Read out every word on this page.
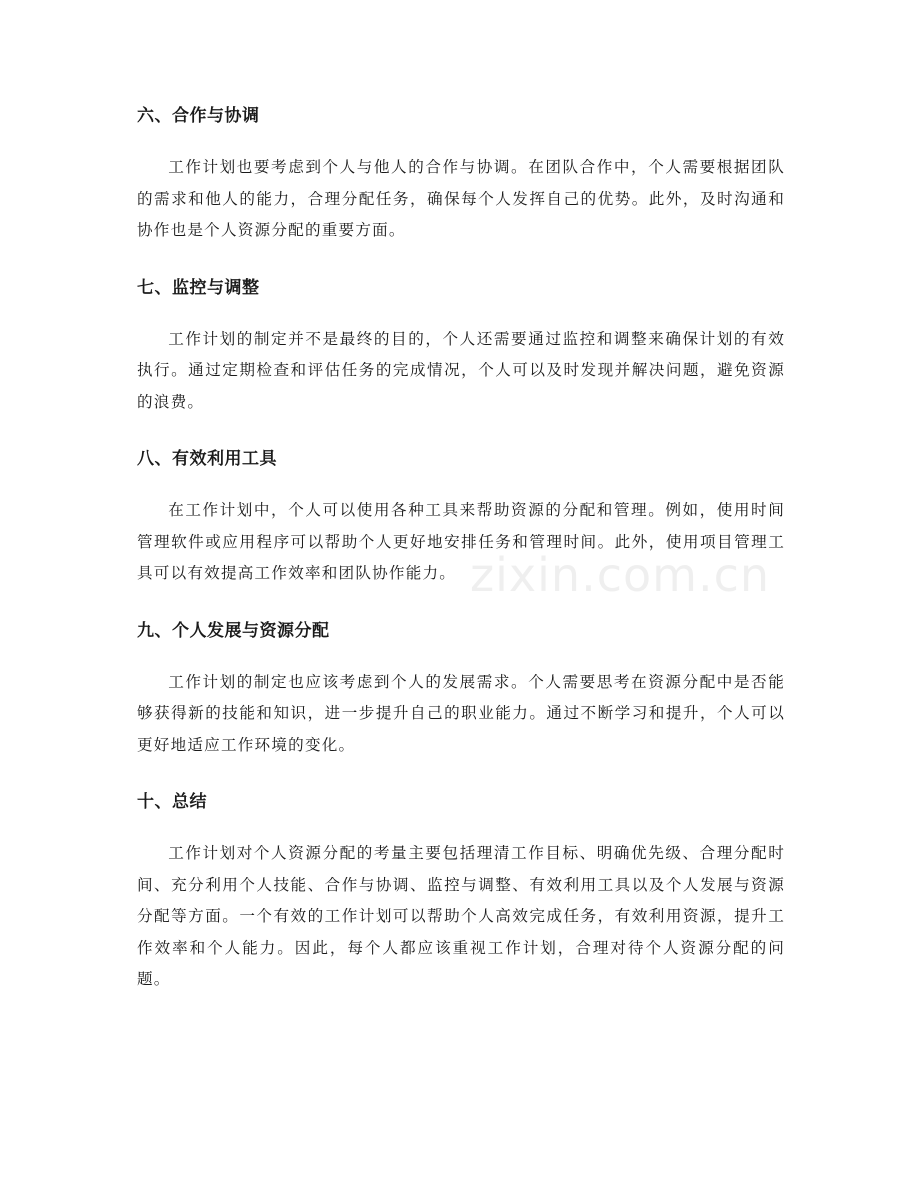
六、合作与协调

工作计划也要考虑到个人与他人的合作与协调。在团队合作中，个人需要根据团队的需求和他人的能力，合理分配任务，确保每个人发挥自己的优势。此外，及时沟通和协作也是个人资源分配的重要方面。

七、监控与调整

工作计划的制定并不是最终的目的，个人还需要通过监控和调整来确保计划的有效执行。通过定期检查和评估任务的完成情况，个人可以及时发现并解决问题，避免资源的浪费。

八、有效利用工具

在工作计划中，个人可以使用各种工具来帮助资源的分配和管理。例如，使用时间管理软件或应用程序可以帮助个人更好地安排任务和管理时间。此外，使用项目管理工具可以有效提高工作效率和团队协作能力。

九、个人发展与资源分配

工作计划的制定也应该考虑到个人的发展需求。个人需要思考在资源分配中是否能够获得新的技能和知识，进一步提升自己的职业能力。通过不断学习和提升，个人可以更好地适应工作环境的变化。

十、总结

工作计划对个人资源分配的考量主要包括理清工作目标、明确优先级、合理分配时间、充分利用个人技能、合作与协调、监控与调整、有效利用工具以及个人发展与资源分配等方面。一个有效的工作计划可以帮助个人高效完成任务，有效利用资源，提升工作效率和个人能力。因此，每个人都应该重视工作计划，合理对待个人资源分配的问题。

zixin.com.cn
